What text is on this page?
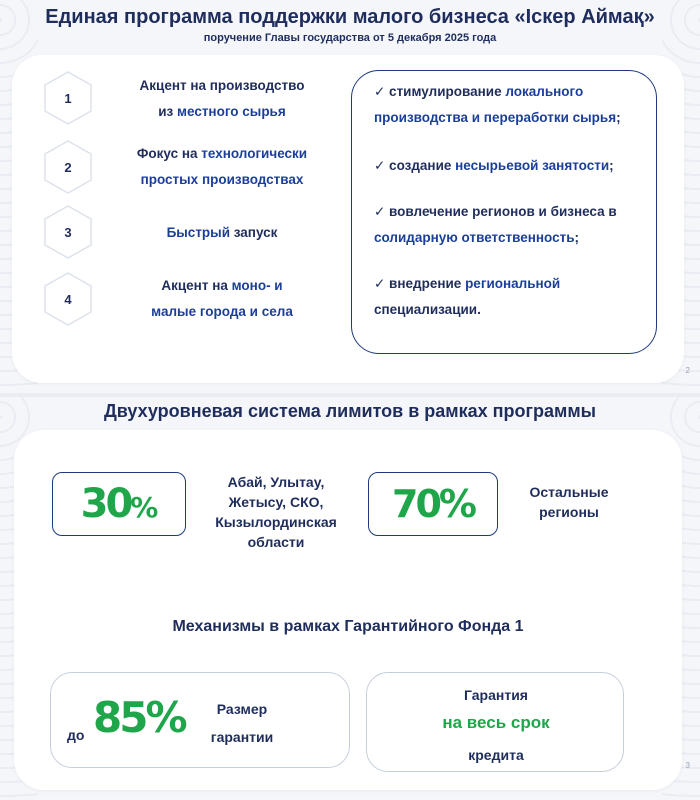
Единая программа поддержки малого бизнеса «Іскер Аймақ»
поручение Главы государства от 5 декабря 2025 года
1
Акцент на производство
из местного сырья
2
Фокус на технологически
простых производствах
3	Быстрый запуск
4
Акцент на моно- и
малые города и села
✓ стимулирование локального
производства и переработки сырья;
✓ создание несырьевой занятости;
✓ вовлечение регионов и бизнеса в
солидарную ответственность;
✓ внедрение региональной
специализации.
2
Двухуровневая система лимитов в рамках программы
30%
Абай, Улытау,
Жетысу, СКО,
Кызылординская
области
70%	Остальные
регионы
Механизмы в рамках Гарантийного Фонда 1
до 85%	Размер
гарантии
Гарантия
на весь срок
кредита
3
